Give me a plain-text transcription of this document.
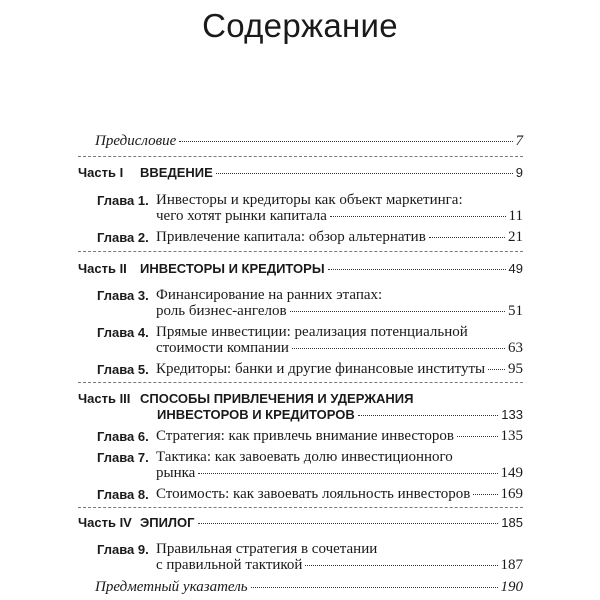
Содержание
Предисловие	7
Часть I ВВЕДЕНИЕ	9
Глава 1. Инвесторы и кредиторы как объект маркетинга:
чего хотят рынки капитала	11
Глава 2. Привлечение капитала: обзор альтернатив	21
Часть II ИНВЕСТОРЫ И КРЕДИТОРЫ	49
Глава 3. Финансирование на ранних этапах:
роль бизнес-ангелов	51
Глава 4. Прямые инвестиции: реализация потенциальной
стоимости компании	63
Глава 5. Кредиторы: банки и другие финансовые институты 95
Часть III СПОСОБЫ ПРИВЛЕЧЕНИЯ И УДЕРЖАНИЯ
ИНВЕСТОРОВ И КРЕДИТОРОВ	133
Глава 6. Стратегия: как привлечь внимание инвесторов	135
Глава 7. Тактика: как завоевать долю инвестиционного
рынка	149
Глава 8. Стоимость: как завоевать лояльность инвесторов 169
Часть IV ЭПИЛОГ	185
Глава 9. Правильная стратегия в сочетании
с правильной тактикой	187
Предметный указатель	190
